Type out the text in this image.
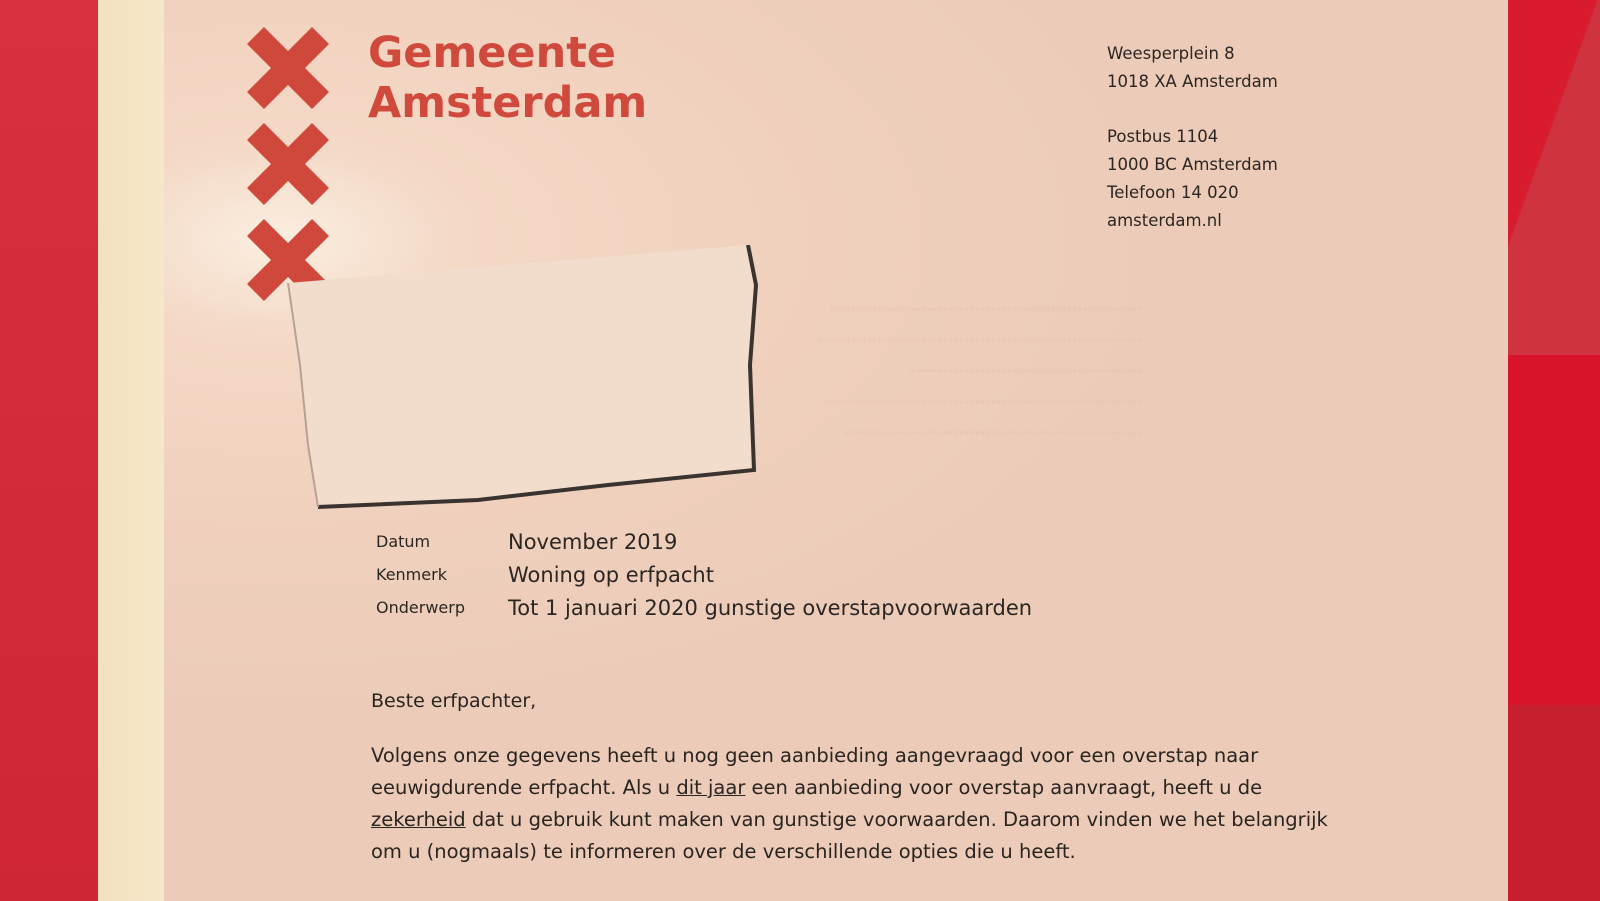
..........................................................
............................................................
...........................................
...........................................................
.......................................................
Gemeente
Amsterdam
Weesperplein 8
1018 XA Amsterdam
Postbus 1104
1000 BC Amsterdam
Telefoon 14 020
amsterdam.nl
Datum	November 2019
Kenmerk	Woning op erfpacht
Onderwerp	Tot 1 januari 2020 gunstige overstapvoorwaarden
Beste erfpachter,
Volgens onze gegevens heeft u nog geen aanbieding aangevraagd voor een overstap naar
eeuwigdurende erfpacht. Als u dit jaar een aanbieding voor overstap aanvraagt, heeft u de
zekerheid dat u gebruik kunt maken van gunstige voorwaarden. Daarom vinden we het belangrijk
om u (nogmaals) te informeren over de verschillende opties die u heeft.
